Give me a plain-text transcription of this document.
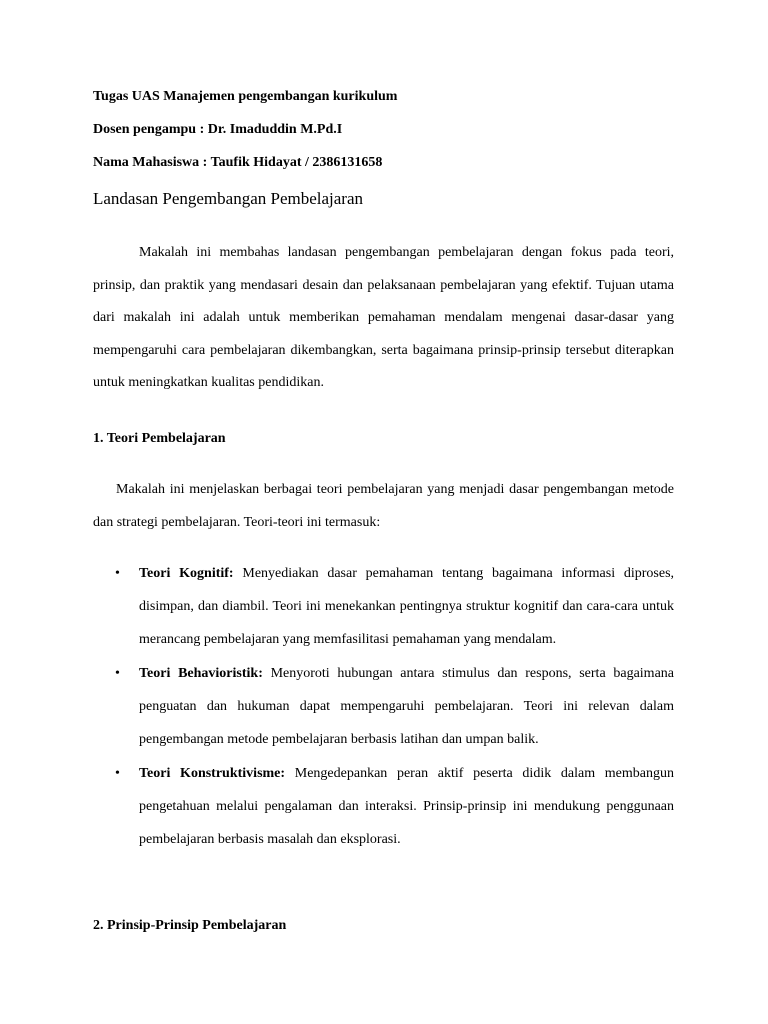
Tugas UAS Manajemen pengembangan kurikulum
Dosen pengampu : Dr. Imaduddin M.Pd.I
Nama Mahasiswa : Taufik Hidayat / 2386131658
Landasan Pengembangan Pembelajaran

Makalah ini membahas landasan pengembangan pembelajaran dengan fokus pada teori, prinsip, dan praktik yang mendasari desain dan pelaksanaan pembelajaran yang efektif. Tujuan utama dari makalah ini adalah untuk memberikan pemahaman mendalam mengenai dasar-dasar yang mempengaruhi cara pembelajaran dikembangkan, serta bagaimana prinsip-prinsip tersebut diterapkan untuk meningkatkan kualitas pendidikan.

1. Teori Pembelajaran

Makalah ini menjelaskan berbagai teori pembelajaran yang menjadi dasar pengembangan metode dan strategi pembelajaran. Teori-teori ini termasuk:

• Teori Kognitif: Menyediakan dasar pemahaman tentang bagaimana informasi diproses, disimpan, dan diambil. Teori ini menekankan pentingnya struktur kognitif dan cara-cara untuk merancang pembelajaran yang memfasilitasi pemahaman yang mendalam.
• Teori Behavioristik: Menyoroti hubungan antara stimulus dan respons, serta bagaimana penguatan dan hukuman dapat mempengaruhi pembelajaran. Teori ini relevan dalam pengembangan metode pembelajaran berbasis latihan dan umpan balik.
• Teori Konstruktivisme: Mengedepankan peran aktif peserta didik dalam membangun pengetahuan melalui pengalaman dan interaksi. Prinsip-prinsip ini mendukung penggunaan pembelajaran berbasis masalah dan eksplorasi.
2. Prinsip-Prinsip Pembelajaran
